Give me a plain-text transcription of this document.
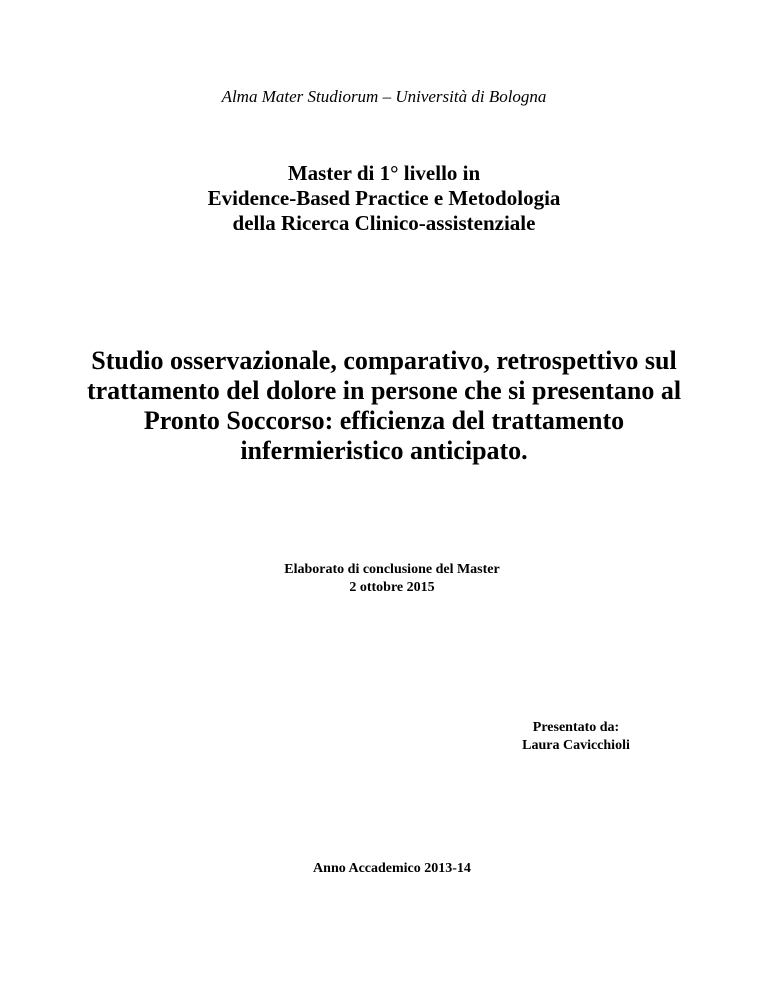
Alma Mater Studiorum – Università di Bologna
Master di 1° livello in
Evidence-Based Practice e Metodologia
della Ricerca Clinico-assistenziale
Studio osservazionale, comparativo, retrospettivo sul
trattamento del dolore in persone che si presentano al
Pronto Soccorso: efficienza del trattamento
infermieristico anticipato.
Elaborato di conclusione del Master
2 ottobre 2015
Presentato da:
Laura Cavicchioli
Anno Accademico 2013-14
